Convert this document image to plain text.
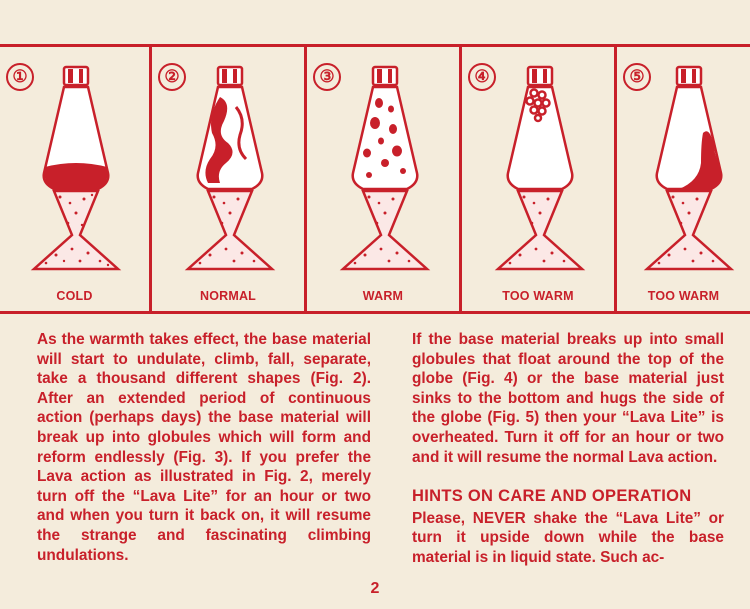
①
COLD
②
NORMAL
③
WARM
④
TOO WARM
⑤
TOO WARM

As the warmth takes effect, the base material will start to undulate, climb, fall, separate, take a thousand different shapes (Fig. 2). After an extended period of continuous action (perhaps days) the base material will break up into globules which will form and reform endlessly (Fig. 3). If you prefer the Lava action as illustrated in Fig. 2, merely turn off the “Lava Lite” for an hour or two and when you turn it back on, it will resume the strange and fascinating climbing undulations.

If the base material breaks up into small globules that float around the top of the globe (Fig. 4) or the base material just sinks to the bottom and hugs the side of the globe (Fig. 5) then your “Lava Lite” is overheated. Turn it off for an hour or two and it will resume the normal Lava action.

HINTS ON CARE AND OPERATION

Please, NEVER shake the “Lava Lite” or turn it upside down while the base material is in liquid state. Such ac-

2
